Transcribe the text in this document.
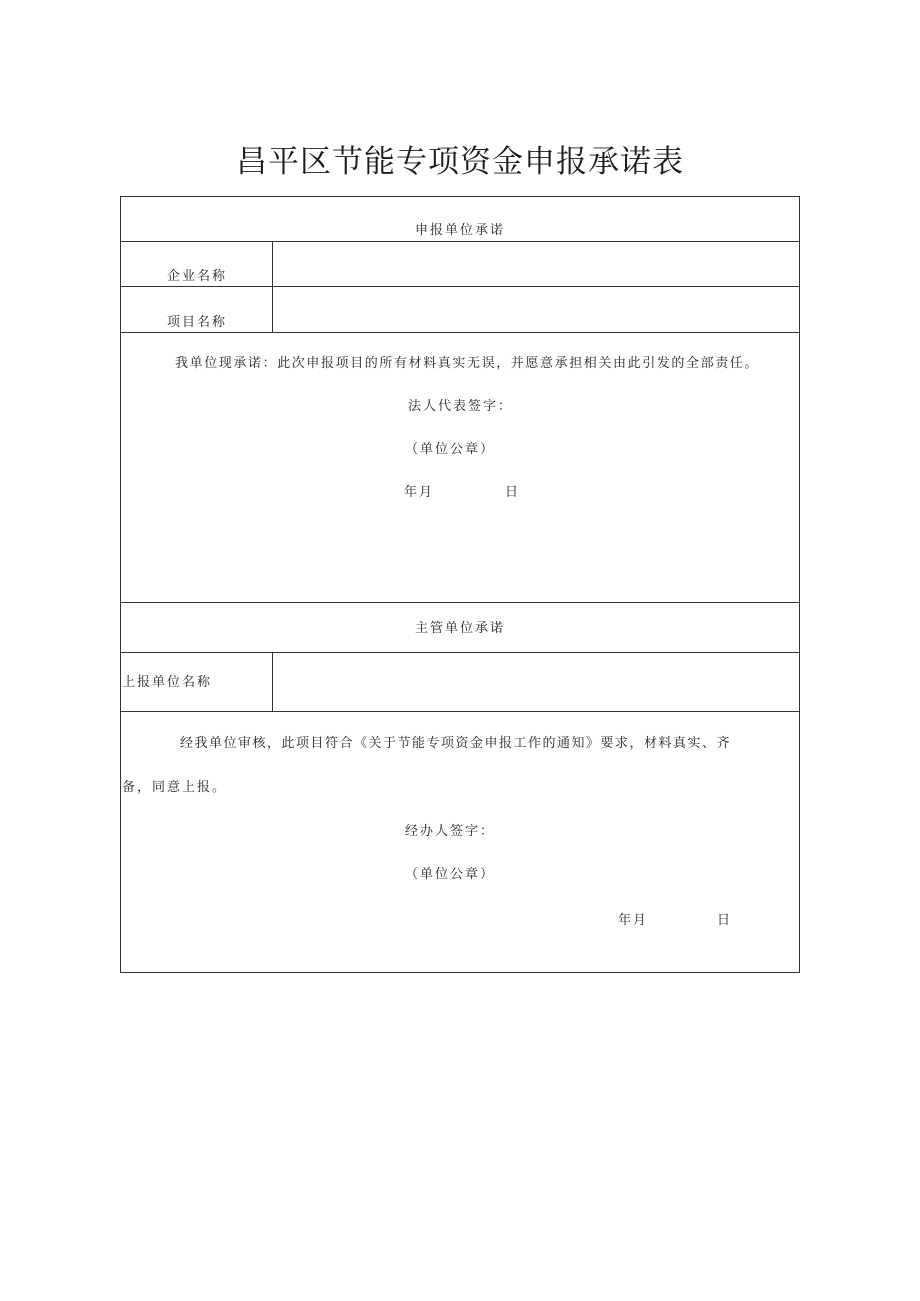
昌平区节能专项资金申报承诺表
申报单位承诺
企业名称
项目名称
我单位现承诺：此次申报项目的所有材料真实无误，并愿意承担相关由此引发的全部责任。
法人代表签字：
（单位公章）
年月	日
主管单位承诺
上报单位名称
经我单位审核，此项目符合《关于节能专项资金申报工作的通知》要求，材料真实、齐
备，同意上报。
经办人签字：
（单位公章）
年月	日
